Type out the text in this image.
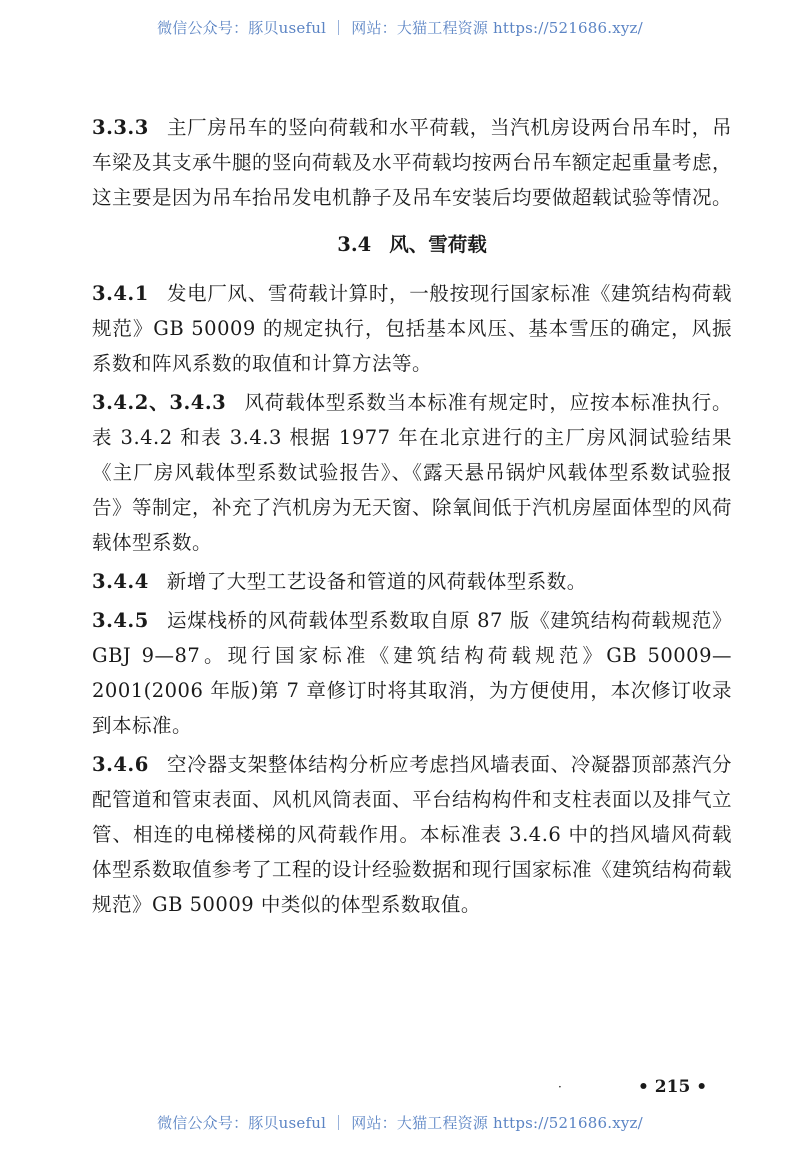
微信公众号：豚贝useful ｜ 网站：大猫工程资源 https://521686.xyz/

3.3.3 主厂房吊车的竖向荷载和水平荷载，当汽机房设两台吊车时，吊车梁及其支承牛腿的竖向荷载及水平荷载均按两台吊车额定起重量考虑，这主要是因为吊车抬吊发电机静子及吊车安装后均要做超载试验等情况。

3.4 风、雪荷载

3.4.1 发电厂风、雪荷载计算时，一般按现行国家标准《建筑结构荷载规范》GB 50009 的规定执行，包括基本风压、基本雪压的确定，风振系数和阵风系数的取值和计算方法等。

3.4.2、3.4.3 风荷载体型系数当本标准有规定时，应按本标准执行。表 3.4.2 和表 3.4.3 根据 1977 年在北京进行的主厂房风洞试验结果《主厂房风载体型系数试验报告》、《露天悬吊锅炉风载体型系数试验报告》等制定，补充了汽机房为无天窗、除氧间低于汽机房屋面体型的风荷载体型系数。

3.4.4 新增了大型工艺设备和管道的风荷载体型系数。

3.4.5 运煤栈桥的风荷载体型系数取自原 87 版《建筑结构荷载规范》GBJ 9—87。现行国家标准《建筑结构荷载规范》GB 50009—2001(2006 年版)第 7 章修订时将其取消，为方便使用，本次修订收录到本标准。

3.4.6 空冷器支架整体结构分析应考虑挡风墙表面、冷凝器顶部蒸汽分配管道和管束表面、风机风筒表面、平台结构构件和支柱表面以及排气立管、相连的电梯楼梯的风荷载作用。本标准表 3.4.6 中的挡风墙风荷载体型系数取值参考了工程的设计经验数据和现行国家标准《建筑结构荷载规范》GB 50009 中类似的体型系数取值。

·	• 215 •
微信公众号：豚贝useful ｜ 网站：大猫工程资源 https://521686.xyz/
